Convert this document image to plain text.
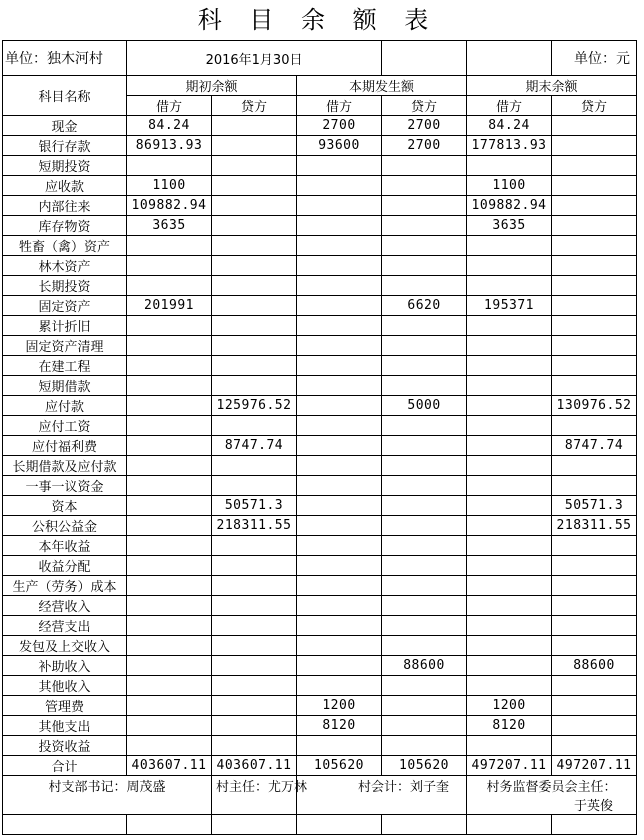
科 目 余 额 表
单位：独木河村	2016年1月30日					单位：元
科目名称	期初余额		本期发生额		期末余额	
	借方	贷方	借方	贷方	借方	贷方
现金	84.24		2700	2700	84.24	
银行存款	86913.93		93600	2700	177813.93	
短期投资						
应收款	1100				1100	
内部往来	109882.94				109882.94	
库存物资	3635				3635	
牲畜（禽）资产						
林木资产						
长期投资						
固定资产	201991			6620	195371	
累计折旧						
固定资产清理						
在建工程						
短期借款						
应付款		125976.52		5000		130976.52
应付工资						
应付福利费		8747.74				8747.74
长期借款及应付款						
一事一议资金						
资本		50571.3				50571.3
公积公益金		218311.55				218311.55
本年收益						
收益分配						
生产（劳务）成本						
经营收入						
经营支出						
发包及上交收入						
补助收入				88600		88600
其他收入						
管理费			1200		1200	
其他支出			8120		8120	
投资收益						
合计	403607.11	403607.11	105620	105620	497207.11	497207.11
村支部书记：周茂盛		村主任：尤万林	村会计：刘子奎		村务监督委员会主任：
于英俊	
